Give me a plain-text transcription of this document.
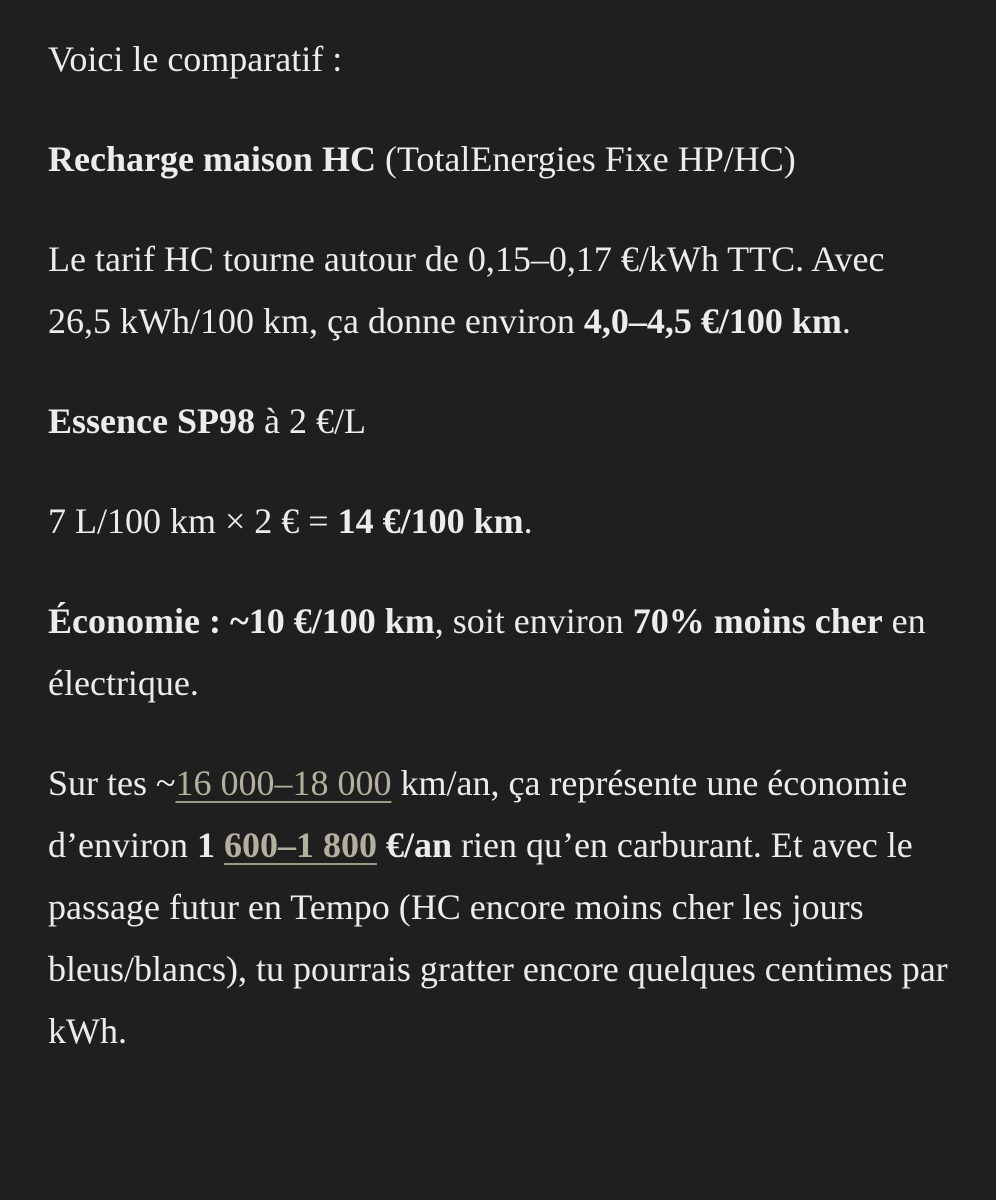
Voici le comparatif :

Recharge maison HC (TotalEnergies Fixe HP/HC)

Le tarif HC tourne autour de 0,15–0,17 €/kWh TTC. Avec 26,5 kWh/100 km, ça donne environ 4,0–4,5 €/100 km.

Essence SP98 à 2 €/L

7 L/100 km × 2 € = 14 €/100 km.

Économie : ~10 €/100 km, soit environ 70% moins cher en électrique.

Sur tes ~16 000–18 000 km/an, ça représente une économie d’environ 1 600–1 800 €/an rien qu’en carburant. Et avec le passage futur en Tempo (HC encore moins cher les jours bleus/blancs), tu pourrais gratter encore quelques centimes par kWh.
